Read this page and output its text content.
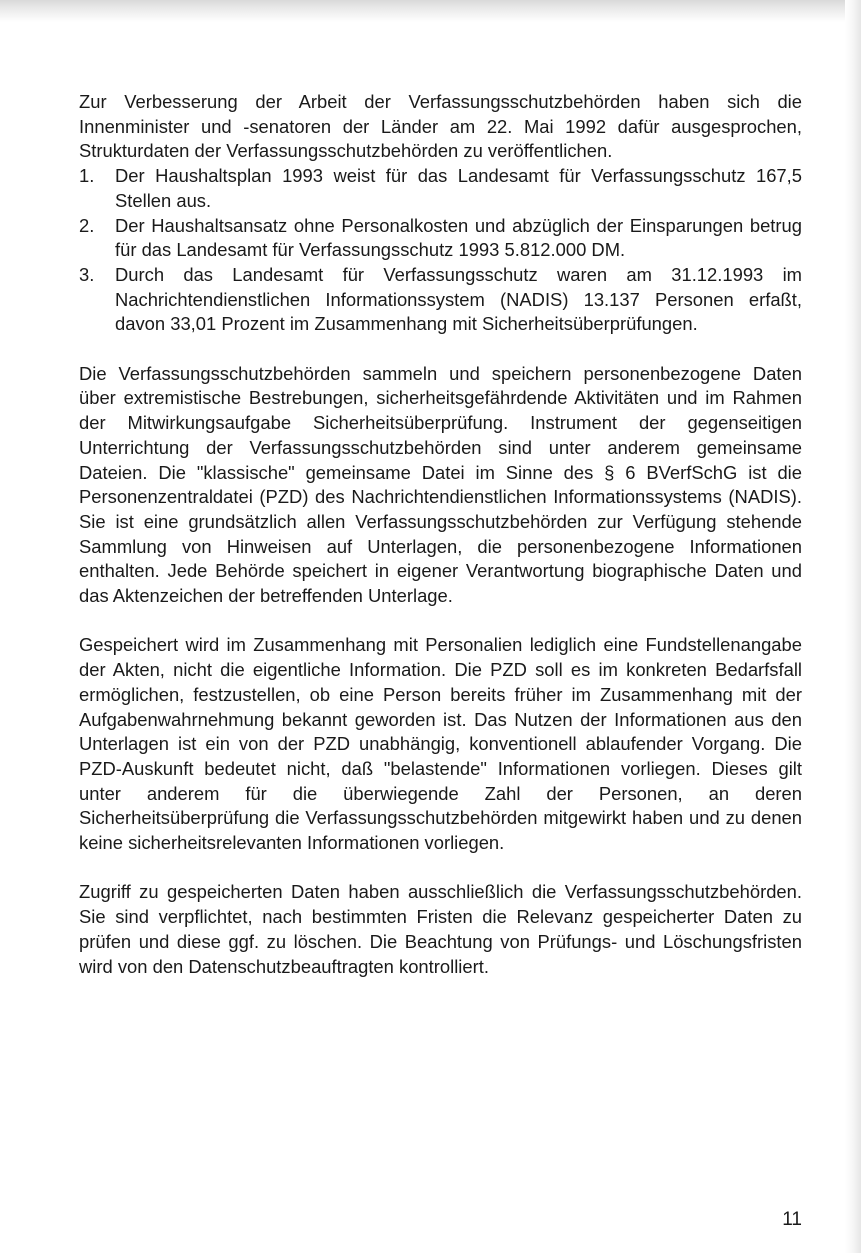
Zur Verbesserung der Arbeit der Verfassungsschutzbehörden haben sich die Innenminister und -senatoren der Länder am 22. Mai 1992 dafür ausgesprochen, Strukturdaten der Verfassungsschutzbehörden zu veröffentlichen.

1.	Der Haushaltsplan 1993 weist für das Landesamt für Verfassungsschutz 167,5 Stellen aus.
2.	Der Haushaltsansatz ohne Personalkosten und abzüglich der Einsparungen betrug für das Landesamt für Verfassungsschutz 1993 5.812.000 DM.
3.	Durch das Landesamt für Verfassungsschutz waren am 31.12.1993 im Nachrichtendienstlichen Informationssystem (NADIS) 13.137 Personen erfaßt, davon 33,01 Prozent im Zusammenhang mit Sicherheitsüberprüfungen.

Die Verfassungsschutzbehörden sammeln und speichern personenbezogene Daten über extremistische Bestrebungen, sicherheitsgefährdende Aktivitäten und im Rahmen der Mitwirkungsaufgabe Sicherheitsüberprüfung. Instrument der gegenseitigen Unterrichtung der Verfassungsschutzbehörden sind unter anderem gemeinsame Dateien. Die "klassische" gemeinsame Datei im Sinne des § 6 BVerfSchG ist die Personenzentraldatei (PZD) des Nachrichtendienstlichen Informationssystems (NADIS). Sie ist eine grundsätzlich allen Verfassungsschutzbehörden zur Verfügung stehende Sammlung von Hinweisen auf Unterlagen, die personenbezogene Informationen enthalten. Jede Behörde speichert in eigener Verantwortung biographische Daten und das Aktenzeichen der betreffenden Unterlage.

Gespeichert wird im Zusammenhang mit Personalien lediglich eine Fundstellenangabe der Akten, nicht die eigentliche Information. Die PZD soll es im konkreten Bedarfsfall ermöglichen, festzustellen, ob eine Person bereits früher im Zusammenhang mit der Aufgabenwahrnehmung bekannt geworden ist. Das Nutzen der Informationen aus den Unterlagen ist ein von der PZD unabhängig, konventionell ablaufender Vorgang. Die PZD-Auskunft bedeutet nicht, daß "belastende" Informationen vorliegen. Dieses gilt unter anderem für die überwiegende Zahl der Personen, an deren Sicherheitsüberprüfung die Verfassungsschutzbehörden mitgewirkt haben und zu denen keine sicherheitsrelevanten Informationen vorliegen.

Zugriff zu gespeicherten Daten haben ausschließlich die Verfassungsschutzbehörden. Sie sind verpflichtet, nach bestimmten Fristen die Relevanz gespeicherter Daten zu prüfen und diese ggf. zu löschen. Die Beachtung von Prüfungs- und Löschungsfristen wird von den Datenschutzbeauftragten kontrolliert.

11
